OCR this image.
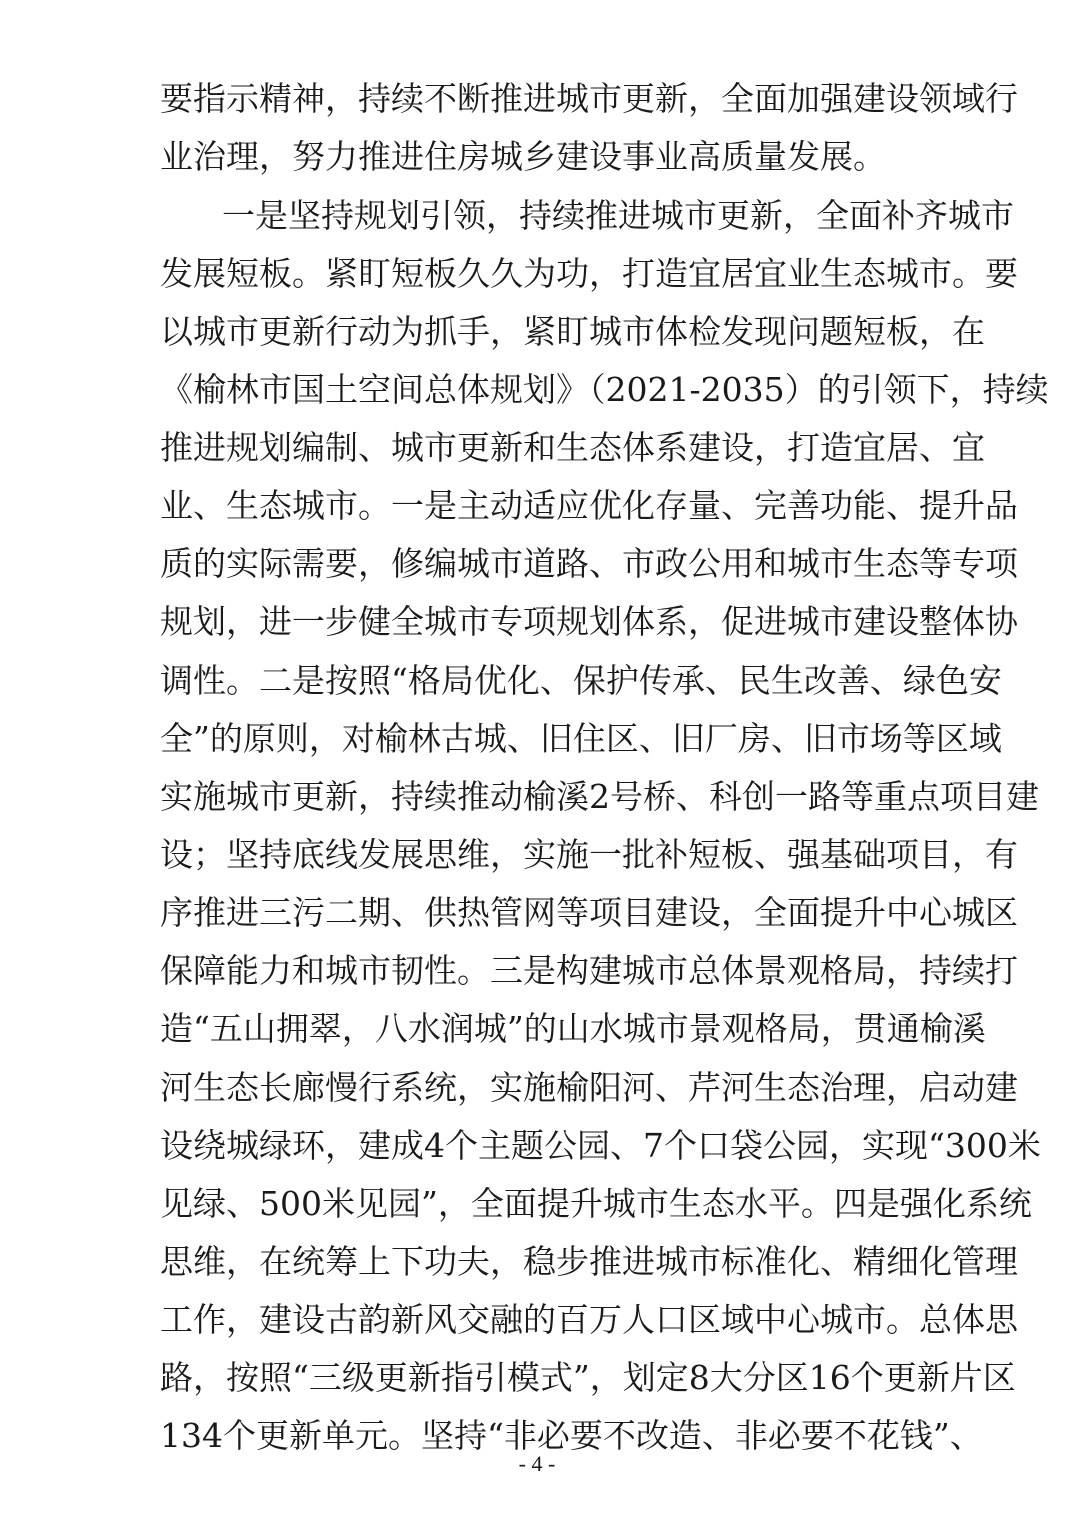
要指示精神，持续不断推进城市更新，全面加强建设领域行
业治理，努力推进住房城乡建设事业高质量发展。
一是坚持规划引领，持续推进城市更新，全面补齐城市
发展短板。紧盯短板久久为功，打造宜居宜业生态城市。要
以城市更新行动为抓手，紧盯城市体检发现问题短板，在
《榆林市国土空间总体规划》（2021-2035）的引领下，持续
推进规划编制、城市更新和生态体系建设，打造宜居、宜
业、生态城市。一是主动适应优化存量、完善功能、提升品
质的实际需要，修编城市道路、市政公用和城市生态等专项
规划，进一步健全城市专项规划体系，促进城市建设整体协
调性。二是按照“格局优化、保护传承、民生改善、绿色安
全”的原则，对榆林古城、旧住区、旧厂房、旧市场等区域
实施城市更新，持续推动榆溪2号桥、科创一路等重点项目建
设；坚持底线发展思维，实施一批补短板、强基础项目，有
序推进三污二期、供热管网等项目建设，全面提升中心城区
保障能力和城市韧性。三是构建城市总体景观格局，持续打
造“五山拥翠，八水润城”的山水城市景观格局，贯通榆溪
河生态长廊慢行系统，实施榆阳河、芹河生态治理，启动建
设绕城绿环，建成4个主题公园、7个口袋公园，实现“300米
见绿、500米见园”，全面提升城市生态水平。四是强化系统
思维，在统筹上下功夫，稳步推进城市标准化、精细化管理
工作，建设古韵新风交融的百万人口区域中心城市。总体思
路，按照“三级更新指引模式”，划定8大分区16个更新片区
134个更新单元。坚持“非必要不改造、非必要不花钱”、
- 4 -
